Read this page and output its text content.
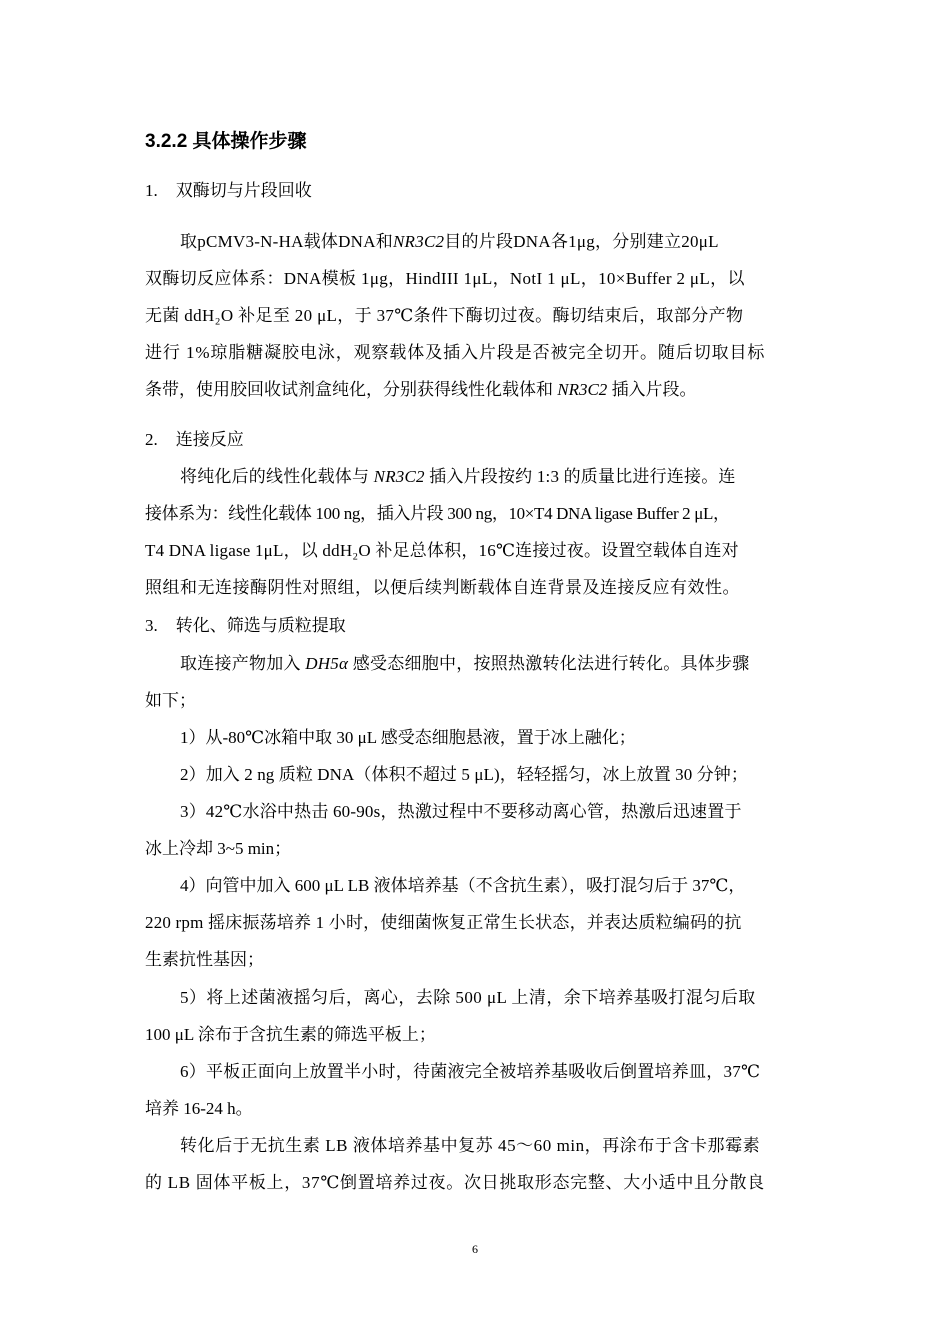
3.2.2 具体操作步骤
1. 双酶切与片段回收
取pCMV3-N-HA载体DNA和NR3C2目的片段DNA各1μg，分别建立20μL
双酶切反应体系：DNA模板 1μg，HindIII 1μL，NotI 1 μL，10×Buffer 2 μL，以
无菌 ddH₂O 补足至 20 μL，于 37℃条件下酶切过夜。酶切结束后，取部分产物
进行 1%琼脂糖凝胶电泳，观察载体及插入片段是否被完全切开。随后切取目标
条带，使用胶回收试剂盒纯化，分别获得线性化载体和 NR3C2 插入片段。
2. 连接反应
将纯化后的线性化载体与 NR3C2 插入片段按约 1:3 的质量比进行连接。连
接体系为：线性化载体 100 ng，插入片段 300 ng，10×T4 DNA ligase Buffer 2 μL，
T4 DNA ligase 1μL，以 ddH₂O 补足总体积，16℃连接过夜。设置空载体自连对
照组和无连接酶阴性对照组，以便后续判断载体自连背景及连接反应有效性。
3. 转化、筛选与质粒提取
取连接产物加入 DH5α 感受态细胞中，按照热激转化法进行转化。具体步骤
如下；
1）从-80℃冰箱中取 30 μL 感受态细胞悬液，置于冰上融化；
2）加入 2 ng 质粒 DNA（体积不超过 5 μL)，轻轻摇匀，冰上放置 30 分钟；
3）42℃水浴中热击 60-90s，热激过程中不要移动离心管，热激后迅速置于
冰上冷却 3~5 min；
4）向管中加入 600 μL LB 液体培养基（不含抗生素），吸打混匀后于 37℃，
220 rpm 摇床振荡培养 1 小时，使细菌恢复正常生长状态，并表达质粒编码的抗
生素抗性基因；
5）将上述菌液摇匀后，离心，去除 500 μL 上清，余下培养基吸打混匀后取
100 μL 涂布于含抗生素的筛选平板上；
6）平板正面向上放置半小时，待菌液完全被培养基吸收后倒置培养皿，37℃
培养 16-24 h。
转化后于无抗生素 LB 液体培养基中复苏 45～60 min，再涂布于含卡那霉素
的 LB 固体平板上，37℃倒置培养过夜。次日挑取形态完整、大小适中且分散良
6
